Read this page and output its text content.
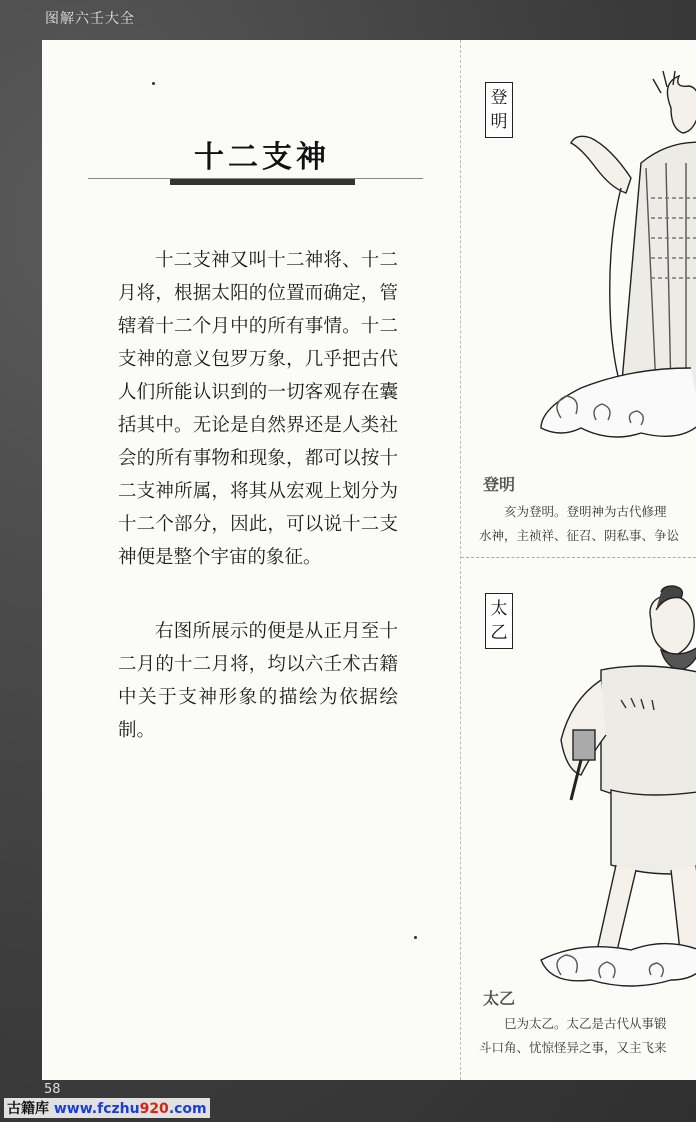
图解六壬大全
十二支神

十二支神又叫十二神将、十二月将，根据太阳的位置而确定，管辖着十二个月中的所有事情。十二支神的意义包罗万象，几乎把古代人们所能认识到的一切客观存在囊括其中。无论是自然界还是人类社会的所有事物和现象，都可以按十二支神所属，将其从宏观上划分为十二个部分，因此，可以说十二支神便是整个宇宙的象征。

右图所展示的便是从正月至十二月的十二月将，均以六壬术古籍中关于支神形象的描绘为依据绘制。

登
明
登明
亥为登明。登明神为古代修理
水神，主祯祥、征召、阴私事、争讼
太
乙
太乙
巳为太乙。太乙是古代从事锻
斗口角、忧惊怪异之事，又主飞来
58
古籍库 www.fczhu920.com
